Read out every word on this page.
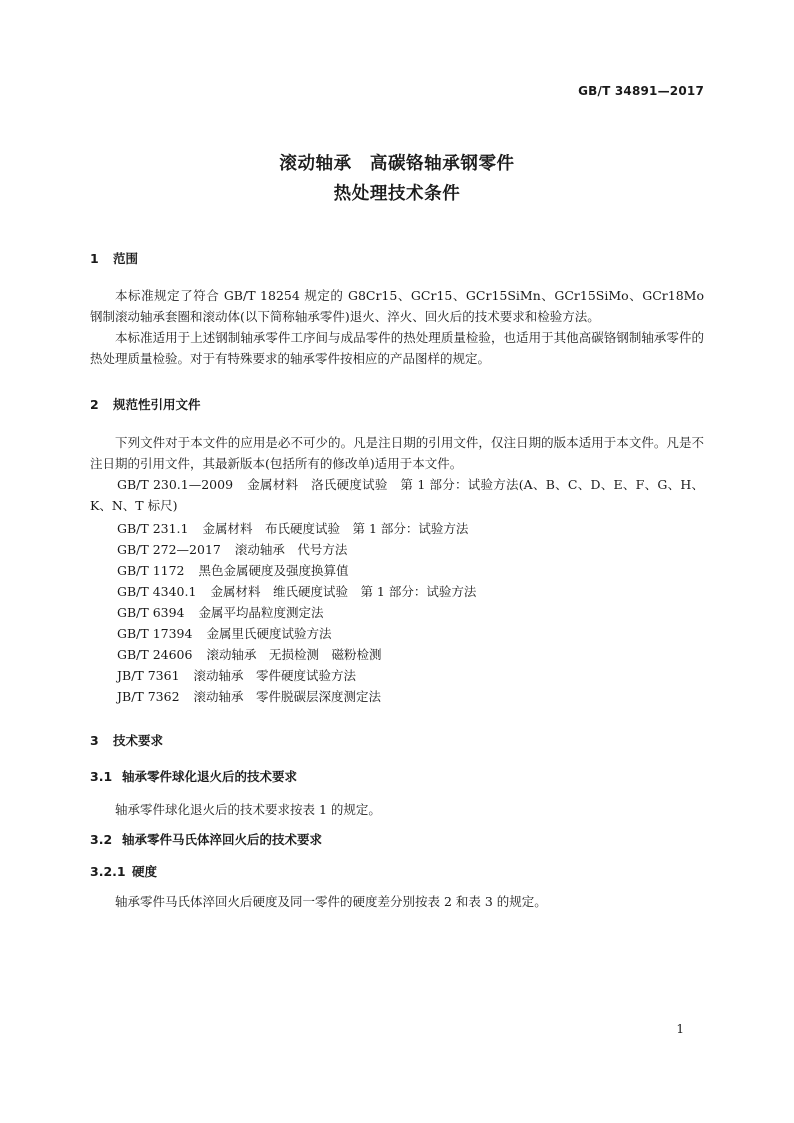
GB/T 34891—2017
滚动轴承　高碳铬轴承钢零件
热处理技术条件
1 范围
本标准规定了符合 GB/T 18254 规定的 G8Cr15、GCr15、GCr15SiMn、GCr15SiMo、GCr18Mo 钢制滚动轴承套圈和滚动体(以下简称轴承零件)退火、淬火、回火后的技术要求和检验方法。
本标准适用于上述钢制轴承零件工序间与成品零件的热处理质量检验，也适用于其他高碳铬钢制轴承零件的热处理质量检验。对于有特殊要求的轴承零件按相应的产品图样的规定。
2 规范性引用文件
下列文件对于本文件的应用是必不可少的。凡是注日期的引用文件，仅注日期的版本适用于本文件。凡是不注日期的引用文件，其最新版本(包括所有的修改单)适用于本文件。
GB/T 230.1—2009 金属材料　洛氏硬度试验　第 1 部分：试验方法(A、B、C、D、E、F、G、H、K、N、T 标尺)
GB/T 231.1 金属材料　布氏硬度试验　第 1 部分：试验方法
GB/T 272—2017 滚动轴承　代号方法
GB/T 1172 黑色金属硬度及强度换算值
GB/T 4340.1 金属材料　维氏硬度试验　第 1 部分：试验方法
GB/T 6394 金属平均晶粒度测定法
GB/T 17394 金属里氏硬度试验方法
GB/T 24606 滚动轴承　无损检测　磁粉检测
JB/T 7361 滚动轴承　零件硬度试验方法
JB/T 7362 滚动轴承　零件脱碳层深度测定法
3 技术要求
3.1 轴承零件球化退火后的技术要求
轴承零件球化退火后的技术要求按表 1 的规定。
3.2 轴承零件马氏体淬回火后的技术要求
3.2.1 硬度
轴承零件马氏体淬回火后硬度及同一零件的硬度差分别按表 2 和表 3 的规定。
1
